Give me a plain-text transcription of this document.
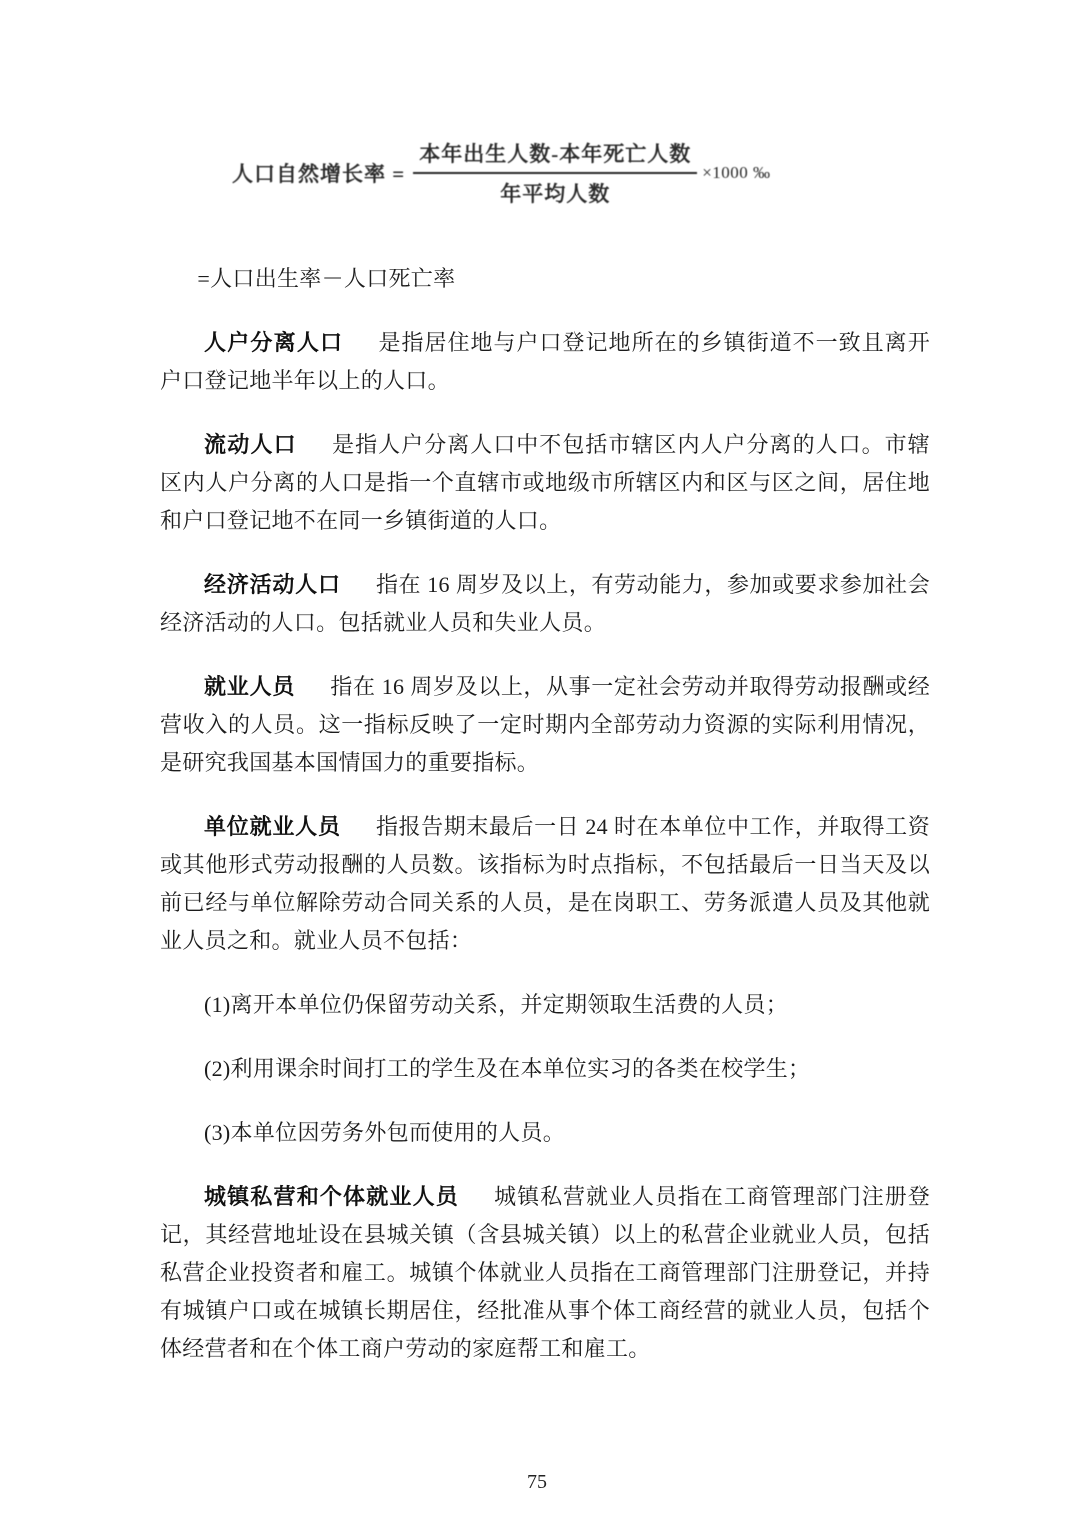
人口自然增长率 = $\frac{\text{本年出生人数-本年死亡人数}}{\text{年平均人数}} \times 1000$ ‰

=人口出生率－人口死亡率

人户分离人口 是指居住地与户口登记地所在的乡镇街道不一致且离开户口登记地半年以上的人口。

流动人口 是指人户分离人口中不包括市辖区内人户分离的人口。市辖区内人户分离的人口是指一个直辖市或地级市所辖区内和区与区之间，居住地和户口登记地不在同一乡镇街道的人口。

经济活动人口 指在 16 周岁及以上，有劳动能力，参加或要求参加社会经济活动的人口。包括就业人员和失业人员。

就业人员 指在 16 周岁及以上，从事一定社会劳动并取得劳动报酬或经营收入的人员。这一指标反映了一定时期内全部劳动力资源的实际利用情况，是研究我国基本国情国力的重要指标。

单位就业人员 指报告期末最后一日 24 时在本单位中工作，并取得工资或其他形式劳动报酬的人员数。该指标为时点指标，不包括最后一日当天及以前已经与单位解除劳动合同关系的人员，是在岗职工、劳务派遣人员及其他就业人员之和。就业人员不包括：

(1)离开本单位仍保留劳动关系，并定期领取生活费的人员；

(2)利用课余时间打工的学生及在本单位实习的各类在校学生；

(3)本单位因劳务外包而使用的人员。

城镇私营和个体就业人员 城镇私营就业人员指在工商管理部门注册登记，其经营地址设在县城关镇（含县城关镇）以上的私营企业就业人员，包括私营企业投资者和雇工。城镇个体就业人员指在工商管理部门注册登记，并持有城镇户口或在城镇长期居住，经批准从事个体工商经营的就业人员，包括个体经营者和在个体工商户劳动的家庭帮工和雇工。

75
